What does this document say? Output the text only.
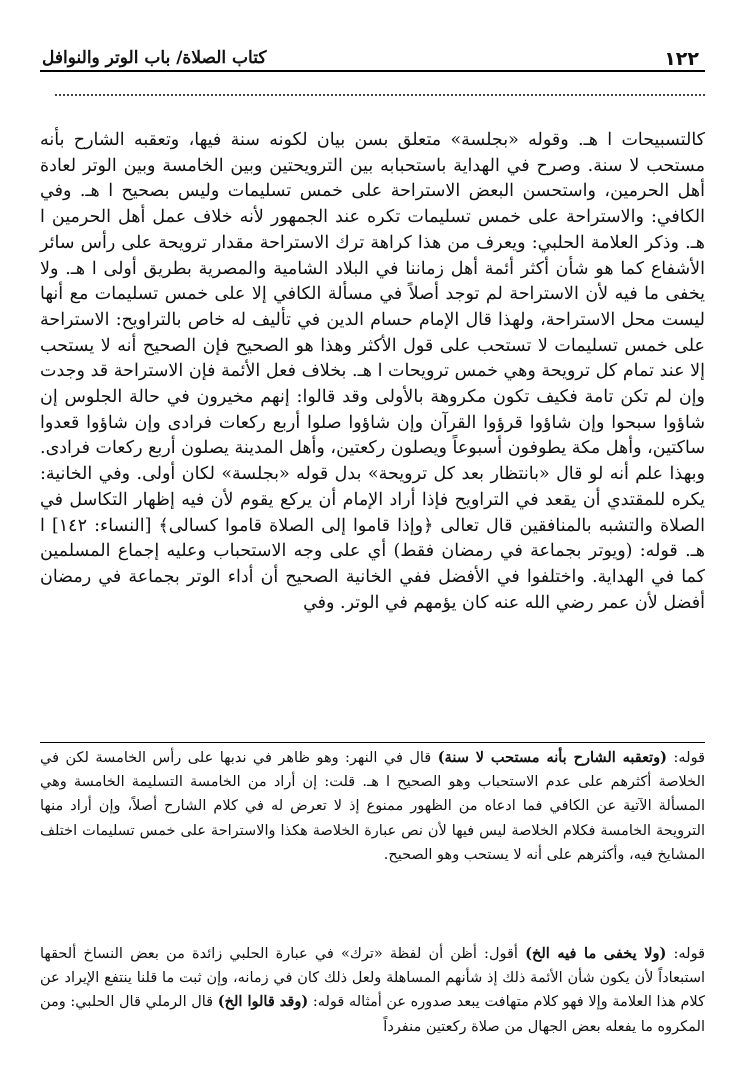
١٢٢
كتاب الصلاة/ باب الوتر والنوافل

كالتسبيحات ا هـ. وقوله «بجلسة» متعلق بسن بيان لكونه سنة فيها، وتعقبه الشارح بأنه مستحب لا سنة. وصرح في الهداية باستحبابه بين الترويحتين وبين الخامسة وبين الوتر لعادة أهل الحرمين، واستحسن البعض الاستراحة على خمس تسليمات وليس بصحيح ا هـ. وفي الكافي: والاستراحة على خمس تسليمات تكره عند الجمهور لأنه خلاف عمل أهل الحرمين ا هـ. وذكر العلامة الحلبي: ويعرف من هذا كراهة ترك الاستراحة مقدار ترويحة على رأس سائر الأشفاع كما هو شأن أكثر أئمة أهل زماننا في البلاد الشامية والمصرية بطريق أولى ا هـ. ولا يخفى ما فيه لأن الاستراحة لم توجد أصلاً في مسألة الكافي إلا على خمس تسليمات مع أنها ليست محل الاستراحة، ولهذا قال الإمام حسام الدين في تأليف له خاص بالتراويح: الاستراحة على خمس تسليمات لا تستحب على قول الأكثر وهذا هو الصحيح فإن الصحيح أنه لا يستحب إلا عند تمام كل ترويحة وهي خمس ترويحات ا هـ. بخلاف فعل الأئمة فإن الاستراحة قد وجدت وإن لم تكن تامة فكيف تكون مكروهة بالأولى وقد قالوا: إنهم مخيرون في حالة الجلوس إن شاؤوا سبحوا وإن شاؤوا قرؤوا القرآن وإن شاؤوا صلوا أربع ركعات فرادى وإن شاؤوا قعدوا ساكتين، وأهل مكة يطوفون أسبوعاً ويصلون ركعتين، وأهل المدينة يصلون أربع ركعات فرادى. وبهذا علم أنه لو قال «بانتظار بعد كل ترويحة» بدل قوله «بجلسة» لكان أولى. وفي الخانية: يكره للمقتدي أن يقعد في التراويح فإذا أراد الإمام أن يركع يقوم لأن فيه إظهار التكاسل في الصلاة والتشبه بالمنافقين قال تعالى ﴿وإذا قاموا إلى الصلاة قاموا كسالى﴾ [النساء: ١٤٢] ا هـ. قوله: (ويوتر بجماعة في رمضان فقط) أي على وجه الاستحباب وعليه إجماع المسلمين كما في الهداية. واختلفوا في الأفضل ففي الخانية الصحيح أن أداء الوتر بجماعة في رمضان أفضل لأن عمر رضي الله عنه كان يؤمهم في الوتر. وفي

قوله: (وتعقبه الشارح بأنه مستحب لا سنة) قال في النهر: وهو ظاهر في ندبها على رأس الخامسة لكن في الخلاصة أكثرهم على عدم الاستحباب وهو الصحيح ا هـ. قلت: إن أراد من الخامسة التسليمة الخامسة وهي المسألة الآتية عن الكافي فما ادعاه من الظهور ممنوع إذ لا تعرض له في كلام الشارح أصلاً، وإن أراد منها الترويحة الخامسة فكلام الخلاصة ليس فيها لأن نص عبارة الخلاصة هكذا والاستراحة على خمس تسليمات اختلف المشايخ فيه، وأكثرهم على أنه لا يستحب وهو الصحيح.

قوله: (ولا يخفى ما فيه الخ) أقول: أظن أن لفظة «ترك» في عبارة الحلبي زائدة من بعض النساخ ألحقها استبعاداً لأن يكون شأن الأئمة ذلك إذ شأنهم المساهلة ولعل ذلك كان في زمانه، وإن ثبت ما قلنا ينتفع الإيراد عن كلام هذا العلامة وإلا فهو كلام متهافت يبعد صدوره عن أمثاله قوله: (وقد قالوا الخ) قال الرملي قال الحلبي: ومن المكروه ما يفعله بعض الجهال من صلاة ركعتين منفرداً
